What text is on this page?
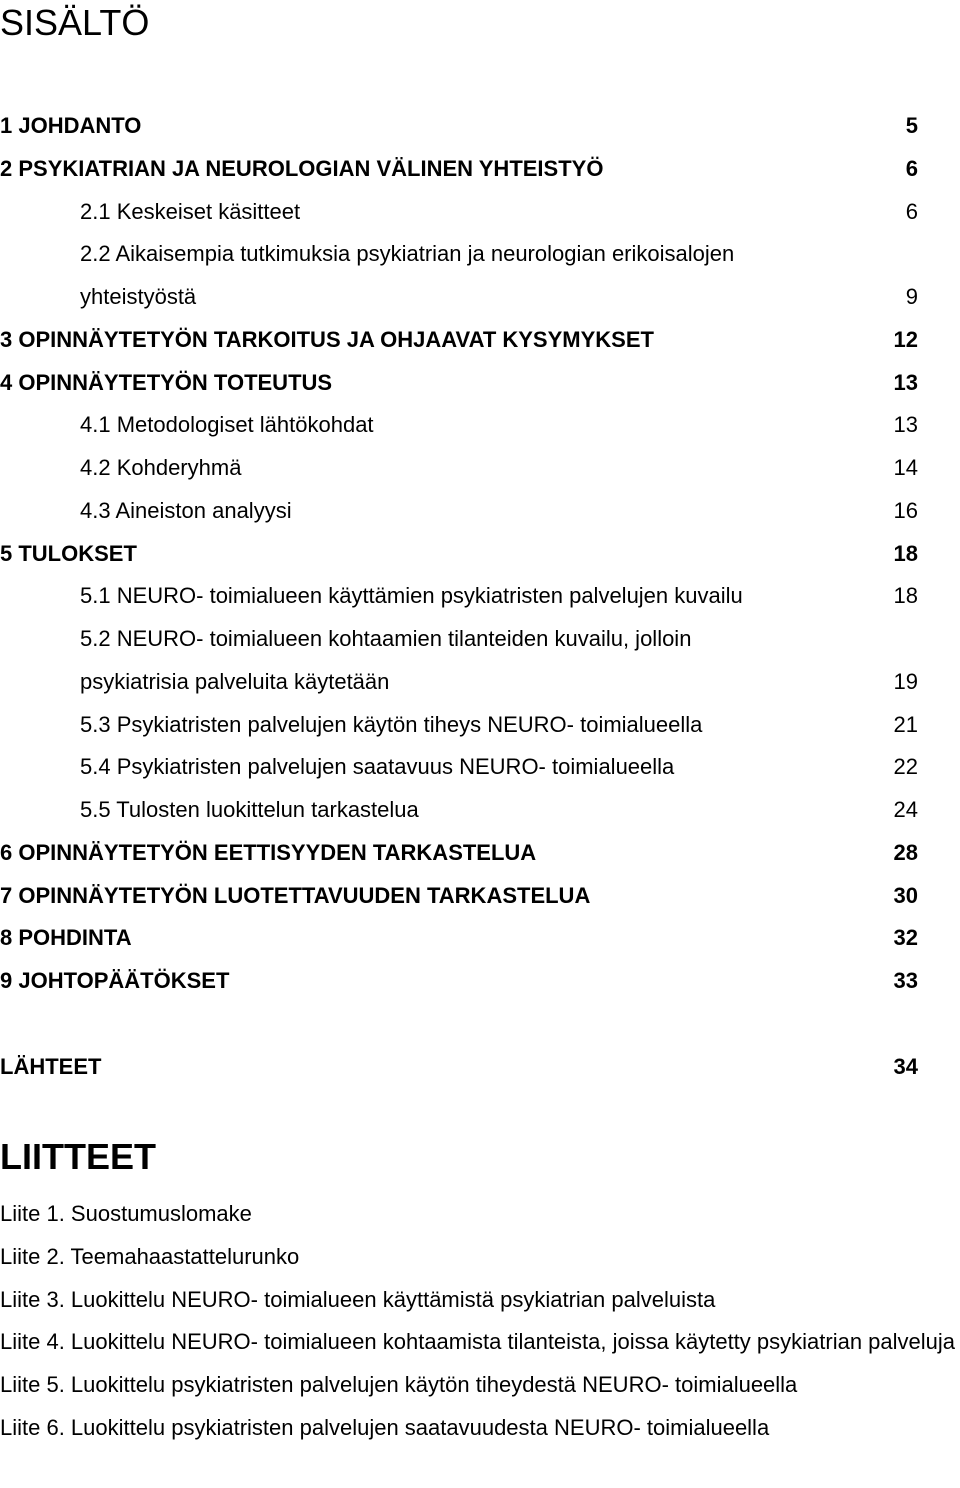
SISÄLTÖ
1 JOHDANTO	5
2 PSYKIATRIAN JA NEUROLOGIAN VÄLINEN YHTEISTYÖ	6
2.1 Keskeiset käsitteet	6
2.2 Aikaisempia tutkimuksia psykiatrian ja neurologian erikoisalojen
yhteistyöstä	9
3 OPINNÄYTETYÖN TARKOITUS JA OHJAAVAT KYSYMYKSET	12
4 OPINNÄYTETYÖN TOTEUTUS	13
4.1 Metodologiset lähtökohdat	13
4.2 Kohderyhmä	14
4.3 Aineiston analyysi	16
5 TULOKSET	18
5.1 NEURO- toimialueen käyttämien psykiatristen palvelujen kuvailu	18
5.2 NEURO- toimialueen kohtaamien tilanteiden kuvailu, jolloin
psykiatrisia palveluita käytetään	19
5.3 Psykiatristen palvelujen käytön tiheys NEURO- toimialueella	21
5.4 Psykiatristen palvelujen saatavuus NEURO- toimialueella	22
5.5 Tulosten luokittelun tarkastelua	24
6 OPINNÄYTETYÖN EETTISYYDEN TARKASTELUA	28
7 OPINNÄYTETYÖN LUOTETTAVUUDEN TARKASTELUA	30
8 POHDINTA	32
9 JOHTOPÄÄTÖKSET	33
LÄHTEET	34
LIITTEET
Liite 1. Suostumuslomake
Liite 2. Teemahaastattelurunko
Liite 3. Luokittelu NEURO- toimialueen käyttämistä psykiatrian palveluista
Liite 4. Luokittelu NEURO- toimialueen kohtaamista tilanteista, joissa käytetty psykiatrian palveluja
Liite 5. Luokittelu psykiatristen palvelujen käytön tiheydestä NEURO- toimialueella
Liite 6. Luokittelu psykiatristen palvelujen saatavuudesta NEURO- toimialueella
